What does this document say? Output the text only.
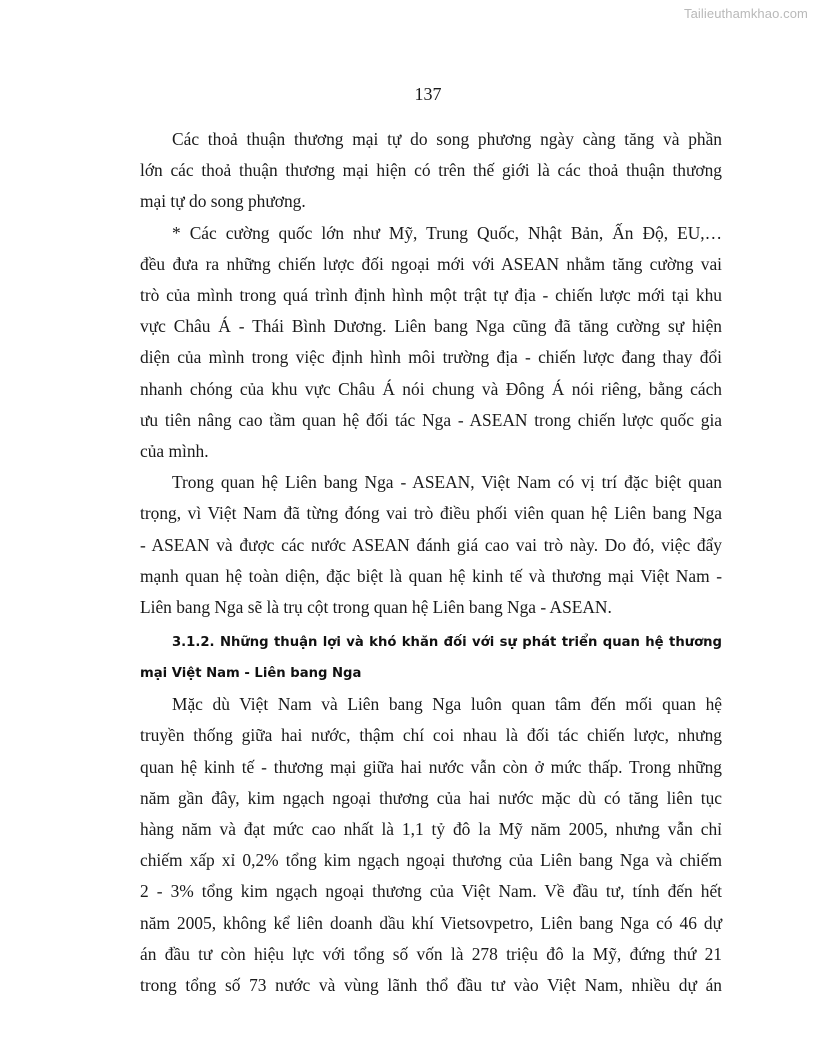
Tailieuthamkhao.com
137

Các thoả thuận thương mại tự do song phương ngày càng tăng và phần
lớn các thoả thuận thương mại hiện có trên thế giới là các thoả thuận thương
mại tự do song phương.

* Các cường quốc lớn như Mỹ, Trung Quốc, Nhật Bản, Ấn Độ, EU,…
đều đưa ra những chiến lược đối ngoại mới với ASEAN nhằm tăng cường vai
trò của mình trong quá trình định hình một trật tự địa - chiến lược mới tại khu
vực Châu Á - Thái Bình Dương. Liên bang Nga cũng đã tăng cường sự hiện
diện của mình trong việc định hình môi trường địa - chiến lược đang thay đổi
nhanh chóng của khu vực Châu Á nói chung và Đông Á nói riêng, bằng cách
ưu tiên nâng cao tầm quan hệ đối tác Nga - ASEAN trong chiến lược quốc gia
của mình.

Trong quan hệ Liên bang Nga - ASEAN, Việt Nam có vị trí đặc biệt quan
trọng, vì Việt Nam đã từng đóng vai trò điều phối viên quan hệ Liên bang Nga
- ASEAN và được các nước ASEAN đánh giá cao vai trò này. Do đó, việc đẩy
mạnh quan hệ toàn diện, đặc biệt là quan hệ kinh tế và thương mại Việt Nam -
Liên bang Nga sẽ là trụ cột trong quan hệ Liên bang Nga - ASEAN.

3.1.2. Những thuận lợi và khó khăn đối với sự phát triển quan hệ thương
mại Việt Nam - Liên bang Nga

Mặc dù Việt Nam và Liên bang Nga luôn quan tâm đến mối quan hệ
truyền thống giữa hai nước, thậm chí coi nhau là đối tác chiến lược, nhưng
quan hệ kinh tế - thương mại giữa hai nước vẫn còn ở mức thấp. Trong những
năm gần đây, kim ngạch ngoại thương của hai nước mặc dù có tăng liên tục
hàng năm và đạt mức cao nhất là 1,1 tỷ đô la Mỹ năm 2005, nhưng vẫn chỉ
chiếm xấp xỉ 0,2% tổng kim ngạch ngoại thương của Liên bang Nga và chiếm
2 - 3% tổng kim ngạch ngoại thương của Việt Nam. Về đầu tư, tính đến hết
năm 2005, không kể liên doanh dầu khí Vietsovpetro, Liên bang Nga có 46 dự
án đầu tư còn hiệu lực với tổng số vốn là 278 triệu đô la Mỹ, đứng thứ 21
trong tổng số 73 nước và vùng lãnh thổ đầu tư vào Việt Nam, nhiều dự án
